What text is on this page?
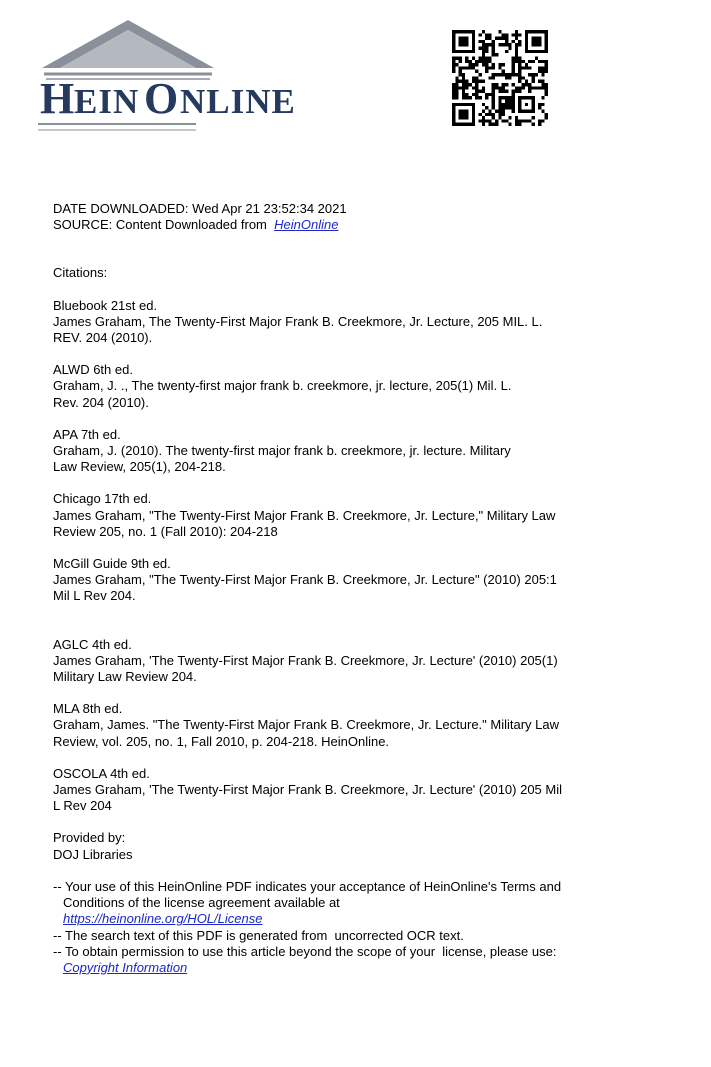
H
EIN O NLINE
DATE DOWNLOADED: Wed Apr 21 23:52:34 2021
SOURCE: Content Downloaded from  HeinOnline
Citations:
Bluebook 21st ed.
James Graham, The Twenty-First Major Frank B. Creekmore, Jr. Lecture, 205 MIL. L.
REV. 204 (2010).
ALWD 6th ed.
Graham, J. ., The twenty-first major frank b. creekmore, jr. lecture, 205(1) Mil. L.
Rev. 204 (2010).
APA 7th ed.
Graham, J. (2010). The twenty-first major frank b. creekmore, jr. lecture. Military
Law Review, 205(1), 204-218.
Chicago 17th ed.
James Graham, "The Twenty-First Major Frank B. Creekmore, Jr. Lecture," Military Law
Review 205, no. 1 (Fall 2010): 204-218
McGill Guide 9th ed.
James Graham, "The Twenty-First Major Frank B. Creekmore, Jr. Lecture" (2010) 205:1
Mil L Rev 204.
AGLC 4th ed.
James Graham, 'The Twenty-First Major Frank B. Creekmore, Jr. Lecture' (2010) 205(1)
Military Law Review 204.
MLA 8th ed.
Graham, James. "The Twenty-First Major Frank B. Creekmore, Jr. Lecture." Military Law
Review, vol. 205, no. 1, Fall 2010, p. 204-218. HeinOnline.
OSCOLA 4th ed.
James Graham, 'The Twenty-First Major Frank B. Creekmore, Jr. Lecture' (2010) 205 Mil
L Rev 204
Provided by:
DOJ Libraries
-- Your use of this HeinOnline PDF indicates your acceptance of HeinOnline's Terms and
Conditions of the license agreement available at
https://heinonline.org/HOL/License
-- The search text of this PDF is generated from  uncorrected OCR text.
-- To obtain permission to use this article beyond the scope of your  license, please use:
Copyright Information
